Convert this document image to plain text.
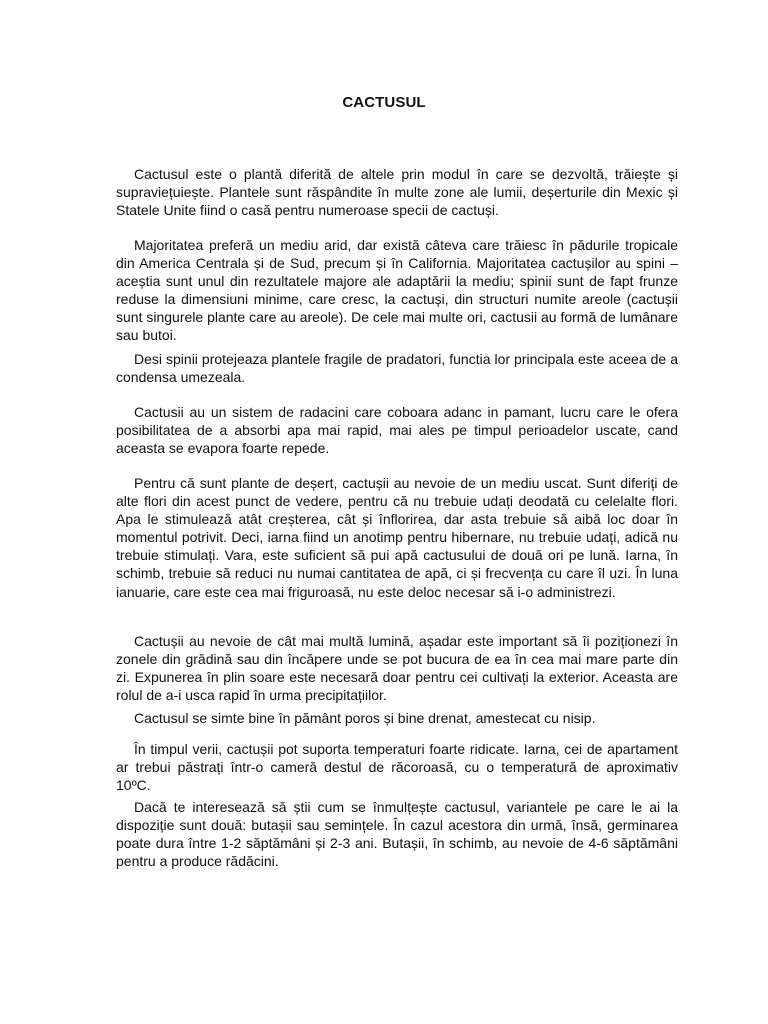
CACTUSUL

Cactusul este o plantă diferită de altele prin modul în care se dezvoltă, trăiește și supraviețuiește. Plantele sunt răspândite în multe zone ale lumii, deșerturile din Mexic și Statele Unite fiind o casă pentru numeroase specii de cactuși.

Majoritatea preferă un mediu arid, dar există câteva care trăiesc în pădurile tropicale din America Centrala și de Sud, precum și în California. Majoritatea cactușilor au spini – aceștia sunt unul din rezultatele majore ale adaptării la mediu; spinii sunt de fapt frunze reduse la dimensiuni minime, care cresc, la cactuși, din structuri numite areole (cactușii sunt singurele plante care au areole). De cele mai multe ori, cactusii au formă de lumânare sau butoi.

Desi spinii protejeaza plantele fragile de pradatori, functia lor principala este aceea de a condensa umezeala.

Cactusii au un sistem de radacini care coboara adanc in pamant, lucru care le ofera posibilitatea de a absorbi apa mai rapid, mai ales pe timpul perioadelor uscate, cand aceasta se evapora foarte repede.

Pentru că sunt plante de deșert, cactușii au nevoie de un mediu uscat. Sunt diferiți de alte flori din acest punct de vedere, pentru că nu trebuie udați deodată cu celelalte flori. Apa le stimulează atât creșterea, cât și înflorirea, dar asta trebuie să aibă loc doar în momentul potrivit. Deci, iarna fiind un anotimp pentru hibernare, nu trebuie udați, adică nu trebuie stimulați. Vara, este suficient să pui apă cactusului de două ori pe lună. Iarna, în schimb, trebuie să reduci nu numai cantitatea de apă, ci și frecvența cu care îl uzi. În luna ianuarie, care este cea mai friguroasă, nu este deloc necesar să i-o administrezi.

Cactușii au nevoie de cât mai multă lumină, așadar este important să îi poziționezi în zonele din grădină sau din încăpere unde se pot bucura de ea în cea mai mare parte din zi. Expunerea în plin soare este necesară doar pentru cei cultivați la exterior. Aceasta are rolul de a-i usca rapid în urma precipitațiilor.

Cactusul se simte bine în pământ poros și bine drenat, amestecat cu nisip.

În timpul verii, cactușii pot suporta temperaturi foarte ridicate. Iarna, cei de apartament ar trebui păstrați într-o cameră destul de răcoroasă, cu o temperatură de aproximativ 10ºC.

Dacă te interesează să știi cum se înmulțește cactusul, variantele pe care le ai la dispoziție sunt două: butașii sau semințele. În cazul acestora din urmă, însă, germinarea poate dura între 1-2 săptămâni și 2-3 ani. Butașii, în schimb, au nevoie de 4-6 săptămâni pentru a produce rădăcini.
